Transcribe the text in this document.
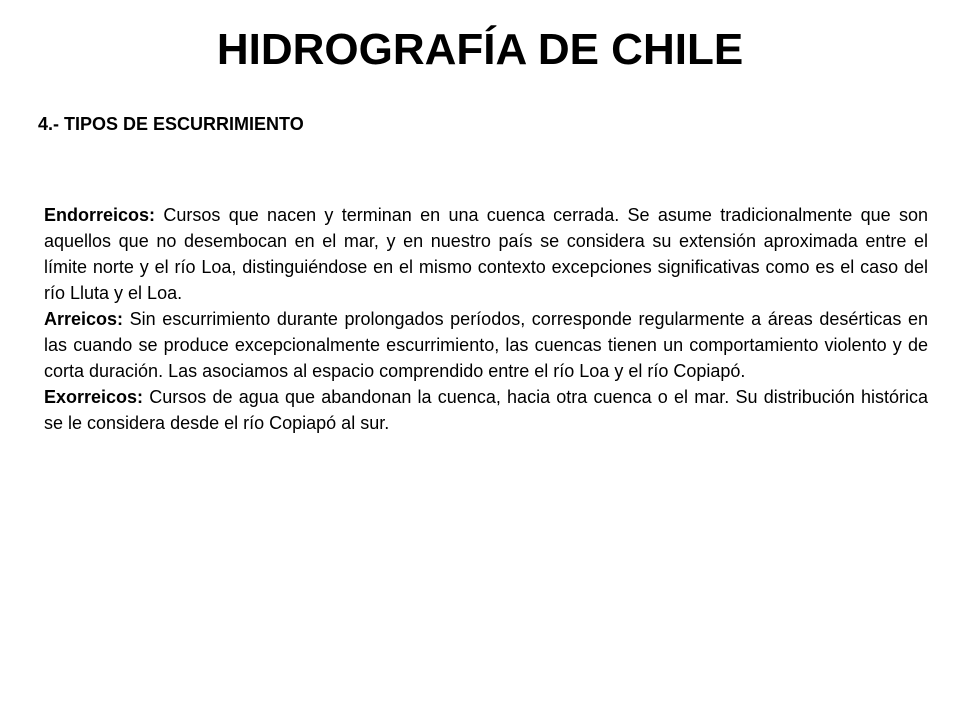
HIDROGRAFÍA DE CHILE
4.- TIPOS DE ESCURRIMIENTO

Endorreicos: Cursos que nacen y terminan en una cuenca cerrada. Se asume tradicionalmente que son aquellos que no desembocan en el mar, y en nuestro país se considera su extensión aproximada entre el límite norte y el río Loa, distinguiéndose en el mismo contexto excepciones significativas como es el caso del río Lluta y el Loa.

Arreicos: Sin escurrimiento durante prolongados períodos, corresponde regularmente a áreas desérticas en las cuando se produce excepcionalmente escurrimiento, las cuencas tienen un comportamiento violento y de corta duración. Las asociamos al espacio comprendido entre el río Loa y el río Copiapó.

Exorreicos: Cursos de agua que abandonan la cuenca, hacia otra cuenca o el mar. Su distribución histórica se le considera desde el río Copiapó al sur.
